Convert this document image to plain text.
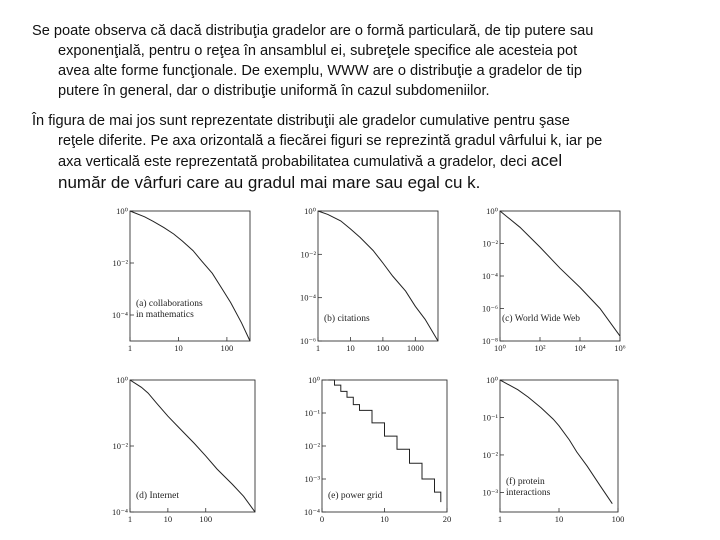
Se poate observa că dacă distribuţia gradelor are o formă particulară, de tip putere sau
exponenţială, pentru o reţea în ansamblul ei, subreţele specifice ale acesteia pot
avea alte forme funcţionale. De exemplu, WWW are o distribuţie a gradelor de tip
putere în general, dar o distribuţie uniformă în cazul subdomeniilor.
În figura de mai jos sunt reprezentate distribuţii ale gradelor cumulative pentru şase
reţele diferite. Pe axa orizontală a fiecărei figuri se reprezintă gradul vârfului k, iar pe
axa verticală este reprezentată probabilitatea cumulativă a gradelor, deci acel
număr de vârfuri care au gradul mai mare sau egal cu k.
1	10	100
10⁰
10⁻²
10⁻⁴
(a) collaborations
in mathematics
1	10	100 1000
10⁰
10⁻²
10⁻⁴
10⁻⁶
(b) citations
10⁰	10²	10⁴	10⁶
10⁰
10⁻²
10⁻⁴
10⁻⁶
10⁻⁸
(c) World Wide Web
1	10	100
10⁰
10⁻²
10⁻⁴
(d) Internet
0	10	20
10⁰
10⁻¹
10⁻²
10⁻³
10⁻⁴
(e) power grid
1	10	100
10⁰
10⁻¹
10⁻²
10⁻³
(f) protein
interactions
